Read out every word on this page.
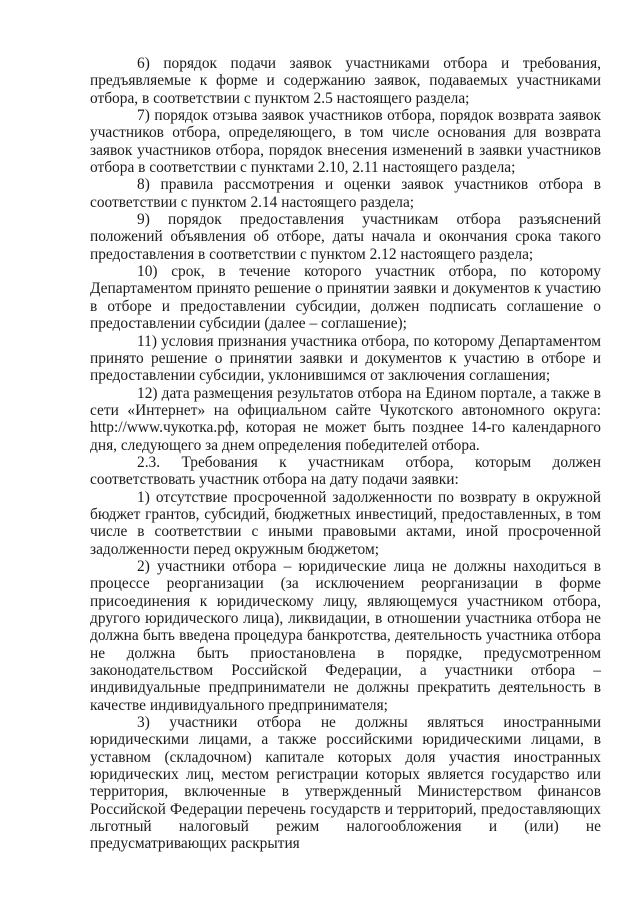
6) порядок подачи заявок участниками отбора и требования, предъявляемые к форме и содержанию заявок, подаваемых участниками отбора, в соответствии с пунктом 2.5 настоящего раздела;

7) порядок отзыва заявок участников отбора, порядок возврата заявок участников отбора, определяющего, в том числе основания для возврата заявок участников отбора, порядок внесения изменений в заявки участников отбора в соответствии с пунктами 2.10, 2.11 настоящего раздела;

8) правила рассмотрения и оценки заявок участников отбора в соответствии с пунктом 2.14 настоящего раздела;

9) порядок предоставления участникам отбора разъяснений положений объявления об отборе, даты начала и окончания срока такого предоставления в соответствии с пунктом 2.12 настоящего раздела;

10) срок, в течение которого участник отбора, по которому Департаментом принято решение о принятии заявки и документов к участию в отборе и предоставлении субсидии, должен подписать соглашение о предоставлении субсидии (далее – соглашение);

11) условия признания участника отбора, по которому Департаментом принято решение о принятии заявки и документов к участию в отборе и предоставлении субсидии, уклонившимся от заключения соглашения;

12) дата размещения результатов отбора на Едином портале, а также в сети «Интернет» на официальном сайте Чукотского автономного округа: http://www.чукотка.рф, которая не может быть позднее 14-го календарного дня, следующего за днем определения победителей отбора.

2.3. Требования к участникам отбора, которым должен соответствовать участник отбора на дату подачи заявки:

1) отсутствие просроченной задолженности по возврату в окружной бюджет грантов, субсидий, бюджетных инвестиций, предоставленных, в том числе в соответствии с иными правовыми актами, иной просроченной задолженности перед окружным бюджетом;

2) участники отбора – юридические лица не должны находиться в процессе реорганизации (за исключением реорганизации в форме присоединения к юридическому лицу, являющемуся участником отбора, другого юридического лица), ликвидации, в отношении участника отбора не должна быть введена процедура банкротства, деятельность участника отбора не должна быть приостановлена в порядке, предусмотренном законодательством Российской Федерации, а участники отбора – индивидуальные предприниматели не должны прекратить деятельность в качестве индивидуального предпринимателя;

3) участники отбора не должны являться иностранными юридическими лицами, а также российскими юридическими лицами, в уставном (складочном) капитале которых доля участия иностранных юридических лиц, местом регистрации которых является государство или территория, включенные в утвержденный Министерством финансов Российской Федерации перечень государств и территорий, предоставляющих льготный налоговый режим налогообложения и (или) не предусматривающих раскрытия
